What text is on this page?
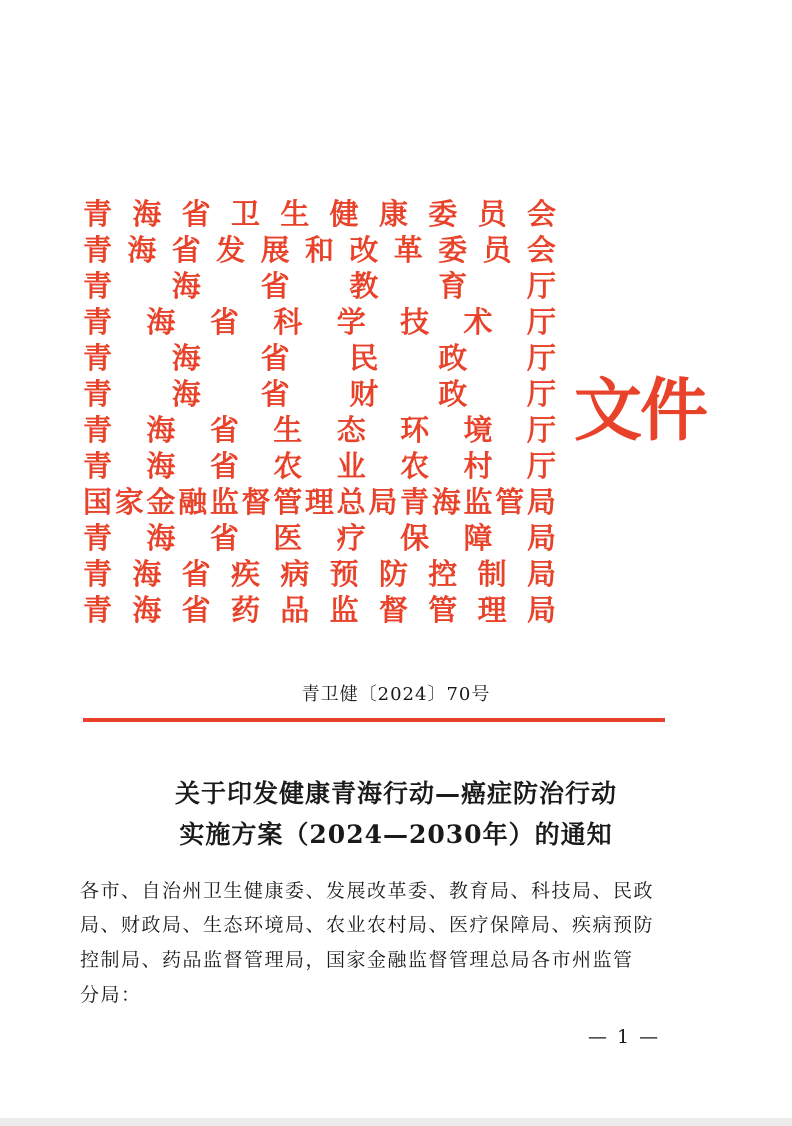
青 海 省 卫 生 健 康 委 员 会
青 海 省 发 展 和 改 革 委 员 会
青 海 省 教 育 厅
青 海 省 科 学 技 术 厅
青 海 省 民 政 厅
青 海 省 财 政 厅
青 海 省 生 态 环 境 厅
青 海 省 农 业 农 村 厅
国 家 金 融 监 督 管 理 总 局 青 海 监 管 局
青 海 省 医 疗 保 障 局
青 海 省 疾 病 预 防 控 制 局
青 海 省 药 品 监 督 管 理 局
文件
青卫健〔2024〕70号
关于印发健康青海行动—癌症防治行动
实施方案（2024—2030年）的通知
各市、自治州卫生健康委、发展改革委、教育局、科技局、民政
局、财政局、生态环境局、农业农村局、医疗保障局、疾病预防
控制局、药品监督管理局，国家金融监督管理总局各市州监管
分局：
— 1 —
